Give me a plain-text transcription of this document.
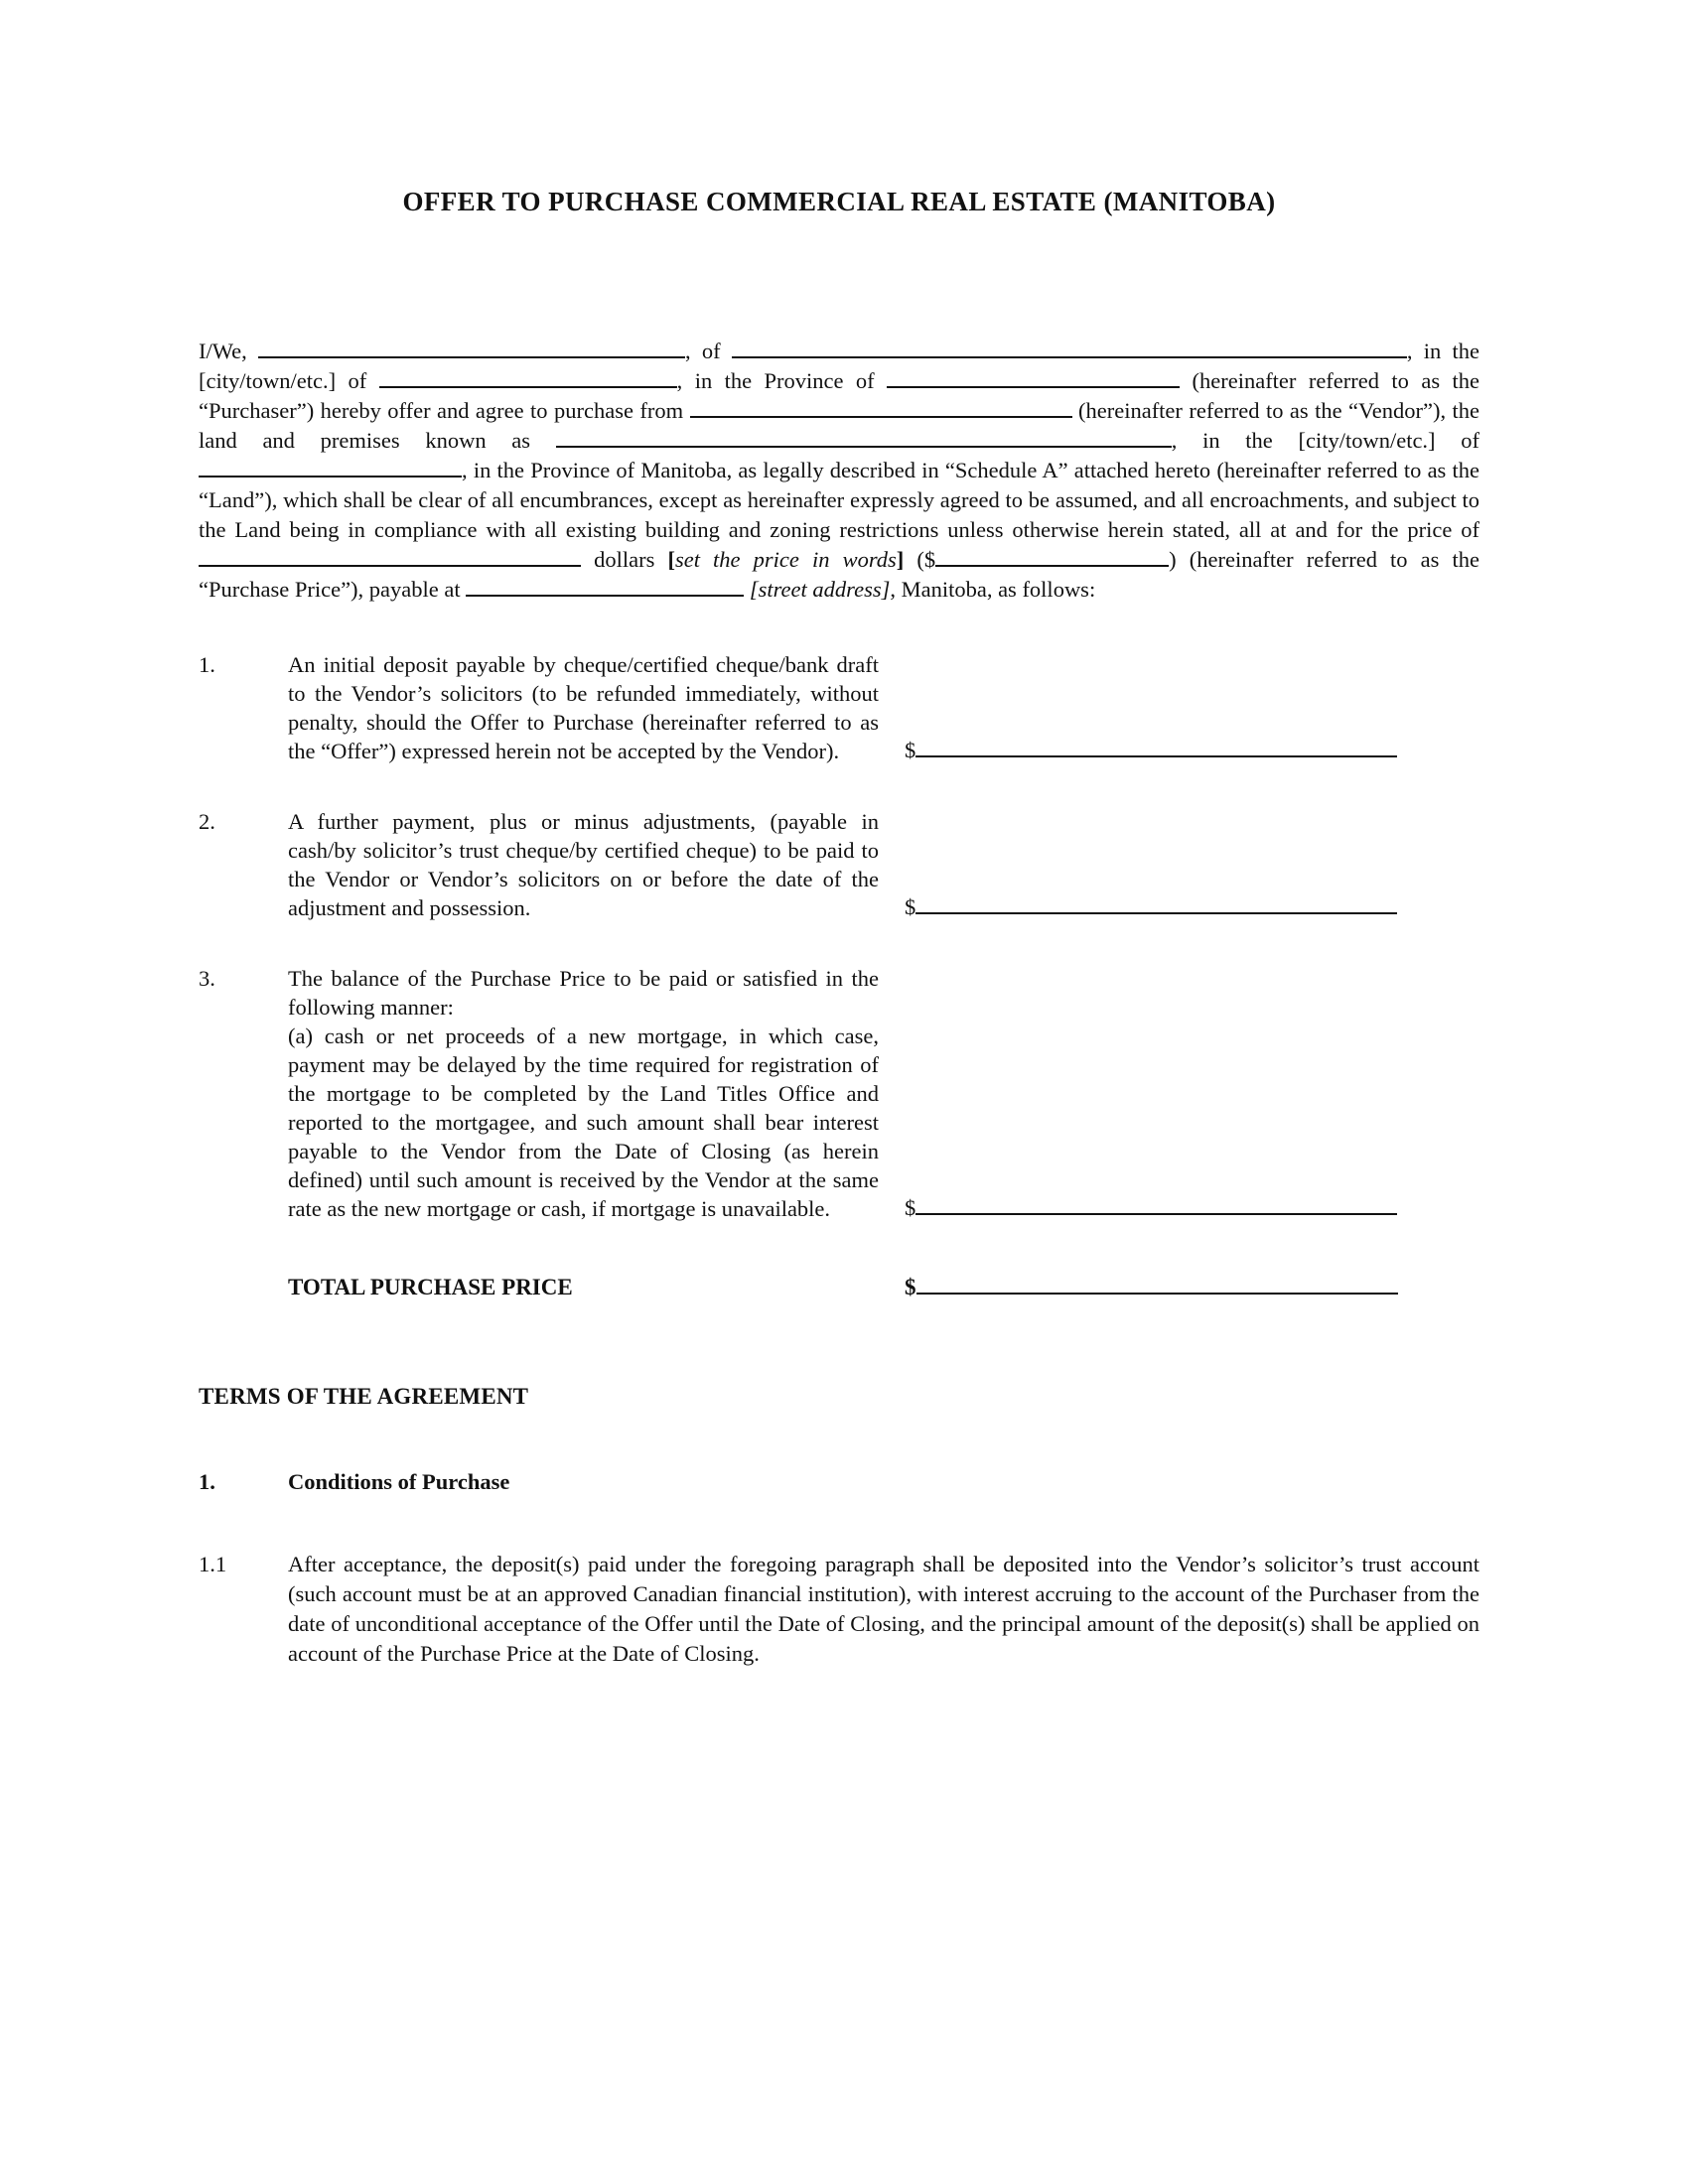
OFFER TO PURCHASE COMMERCIAL REAL ESTATE (MANITOBA)

I/We,	, of	, in the [city/town/etc.] of	, in the Province of	(hereinafter referred to as the “Purchaser”) hereby offer and agree to purchase from	(hereinafter referred to as the “Vendor”), the land and premises known as	, in the [city/town/etc.] of , in the Province of Manitoba, as legally described in “Schedule A” attached hereto (hereinafter referred to as the “Land”), which shall be clear of all encumbrances, except as hereinafter expressly agreed to be assumed, and all encroachments, and subject to the Land being in compliance with all existing building and zoning restrictions unless otherwise herein stated, all at and for the price of  dollars [set the price in words] ($	) (hereinafter referred to as the “Purchase Price”), payable at	[street address], Manitoba, as follows:

1.	An initial deposit payable by cheque/certified cheque/bank draft to the Vendor’s solicitors (to be refunded immediately, without penalty, should the Offer to Purchase (hereinafter referred to as the “Offer”) expressed herein not be accepted by the Vendor).	$
2.	A further payment, plus or minus adjustments, (payable in cash/by solicitor’s trust cheque/by certified cheque) to be paid to the Vendor or Vendor’s solicitors on or before the date of the adjustment and possession.	$
3.	The balance of the Purchase Price to be paid or satisfied in the following manner:

(a) cash or net proceeds of a new mortgage, in which case, payment may be delayed by the time required for registration of the mortgage to be completed by the Land Titles Office and reported to the mortgagee, and such amount shall bear interest payable to the Vendor from the Date of Closing (as herein defined) until such amount is received by the Vendor at the same rate as the new mortgage or cash, if mortgage is unavailable.	$
TOTAL PURCHASE PRICE	$
TERMS OF THE AGREEMENT
1.	Conditions of Purchase
1.1	After acceptance, the deposit(s) paid under the foregoing paragraph shall be deposited into the Vendor’s solicitor’s trust account (such account must be at an approved Canadian financial institution), with interest accruing to the account of the Purchaser from the date of unconditional acceptance of the Offer until the Date of Closing, and the principal amount of the deposit(s) shall be applied on account of the Purchase Price at the Date of Closing.
